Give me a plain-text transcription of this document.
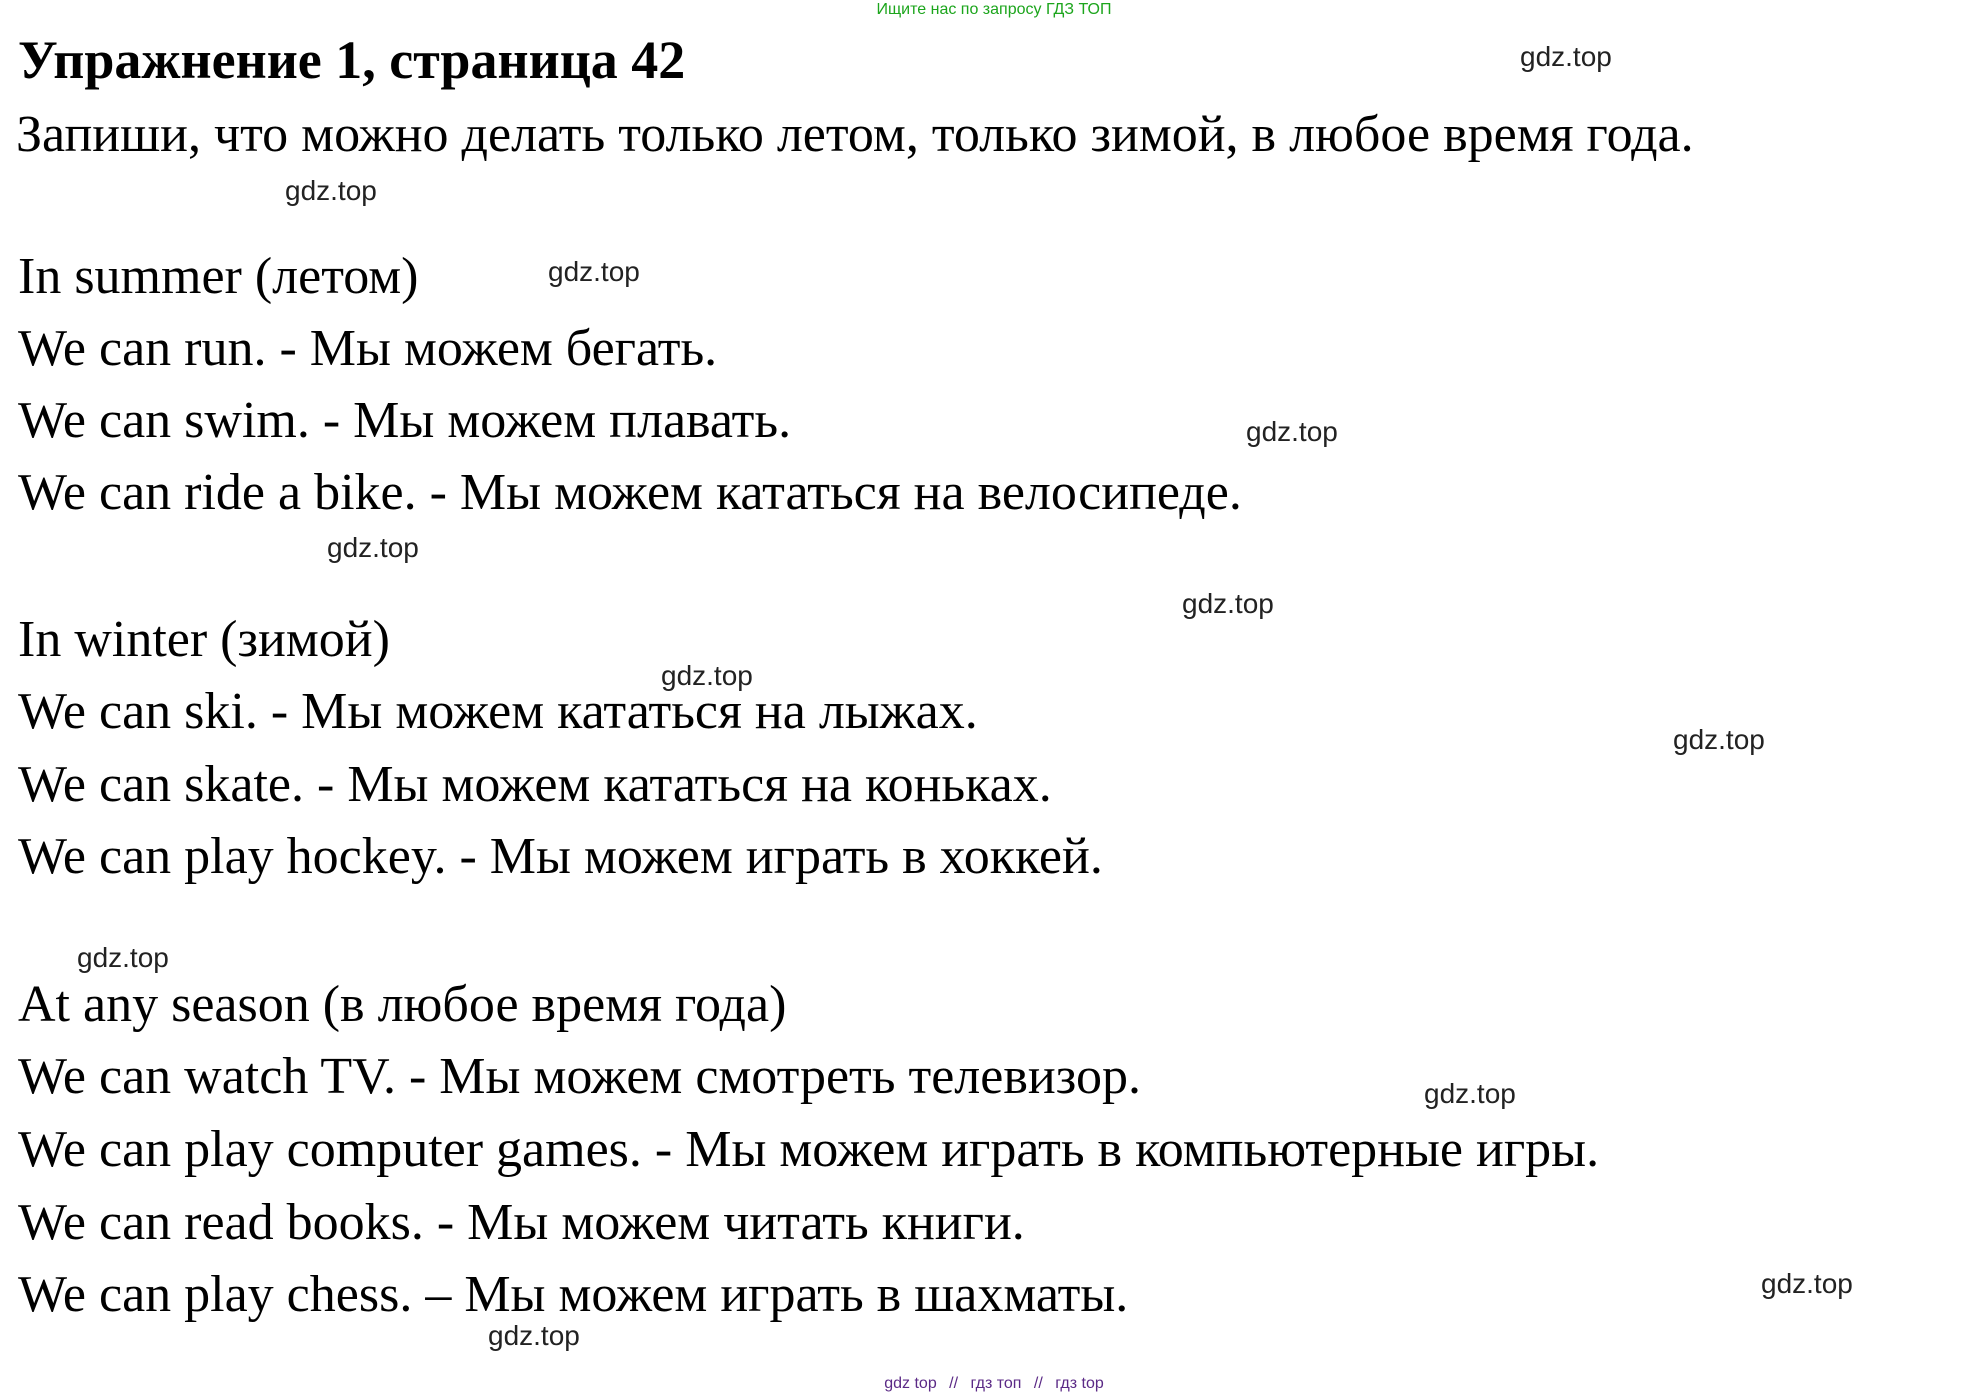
Ищите нас по запросу ГДЗ ТОП
Упражнение 1, страница 42	gdz.top
Запиши, что можно делать только летом, только зимой, в любое время года.
gdz.top
In summer (летом)	gdz.top
We can run. - Мы можем бегать.
We can swim. - Мы можем плавать.	gdz.top
We can ride a bike. - Мы можем кататься на велосипеде.
gdz.top
gdz.top
In winter (зимой)
gdz.top
We can ski. - Мы можем кататься на лыжах.	gdz.top
We can skate. - Мы можем кататься на коньках.
We can play hockey. - Мы можем играть в хоккей.
gdz.top
At any season (в любое время года)
We can watch TV. - Мы можем смотреть телевизор.	gdz.top
We can play computer games. - Мы можем играть в компьютерные игры.
We can read books. - Мы можем читать книги.
gdz.top
We can play chess. – Мы можем играть в шахматы.
gdz.top
gdz top // гдз топ // гдз top
